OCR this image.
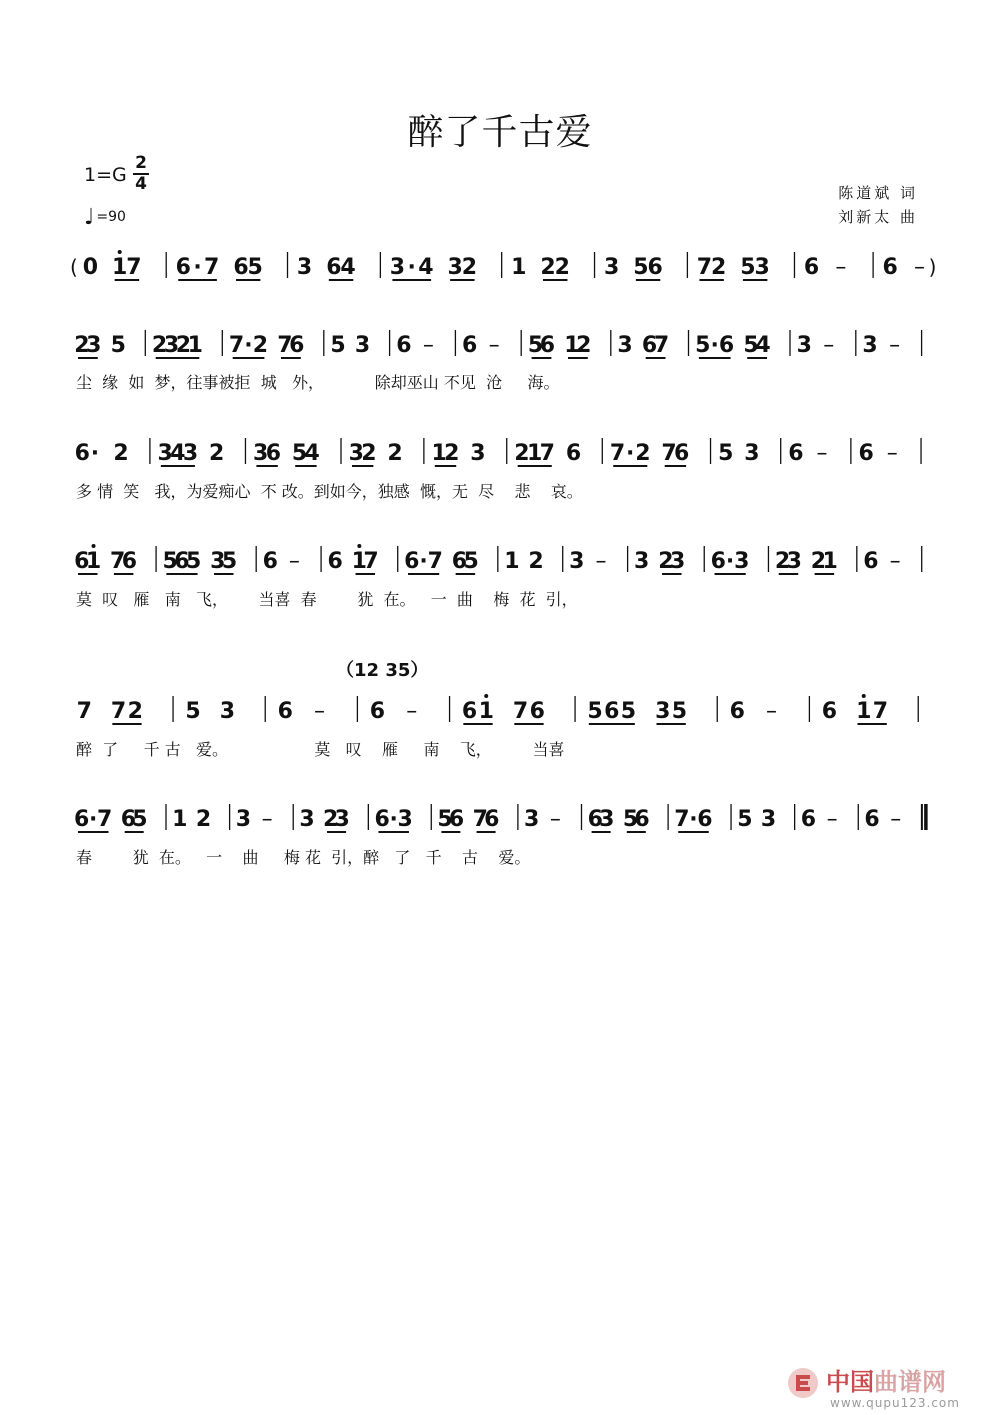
醉了千古爱
1=G
2
4
♩ =90
陈道斌 词
刘新太 曲
( 0 1
7 6 · 7 6
5 3 6
4 3 · 4 3
2 1 2
2 3 5
6 7
2 5
3 6 – 6 – )
2
3 5 2
3
2
1 7 · 2 7
6 5 3 6 – 6 – 5
6 1
2 3 6
7 5 · 6 5
4 3 – 3 –
尘  缘  如  梦，往事被拒  城   外，          除却巫山 不见  沧     海。
6 · 2 3
4
3 2 3
6 5
4 3
2 2 1
2 3 2
1
7 6 7 · 2 7
6 5 3 6 – 6 –
多 情  笑   我，为爱痴心  不 改。到如今，独感  慨，无  尽    悲    哀。
6
1 7
6 5
6
5 3
5 6 – 6 1
7 6 · 7 6
5 1 2 3 – 3 2
3 6 · 3 2
3 2
1 6 –
莫  叹   雁   南   飞，      当喜  春        犹  在。   一  曲    梅  花  引，
7 7 2 5 3 6 – 6 – 6 1 7 6 5 6 5 3 5 6 – 6 1 7
（12 35）
醉  了     千 古   爱。                 莫   叹    雁     南    飞，        当喜
6 · 7 6
5 1 2 3 – 3 2
3 6 · 3 5
6 7
6 3 – 6
3 5
6 7 · 6 5 3 6 – 6 –
春        犹  在。   一    曲     梅 花  引，醉   了   千    古    爱。
中国曲谱网
www.qupu123.com
